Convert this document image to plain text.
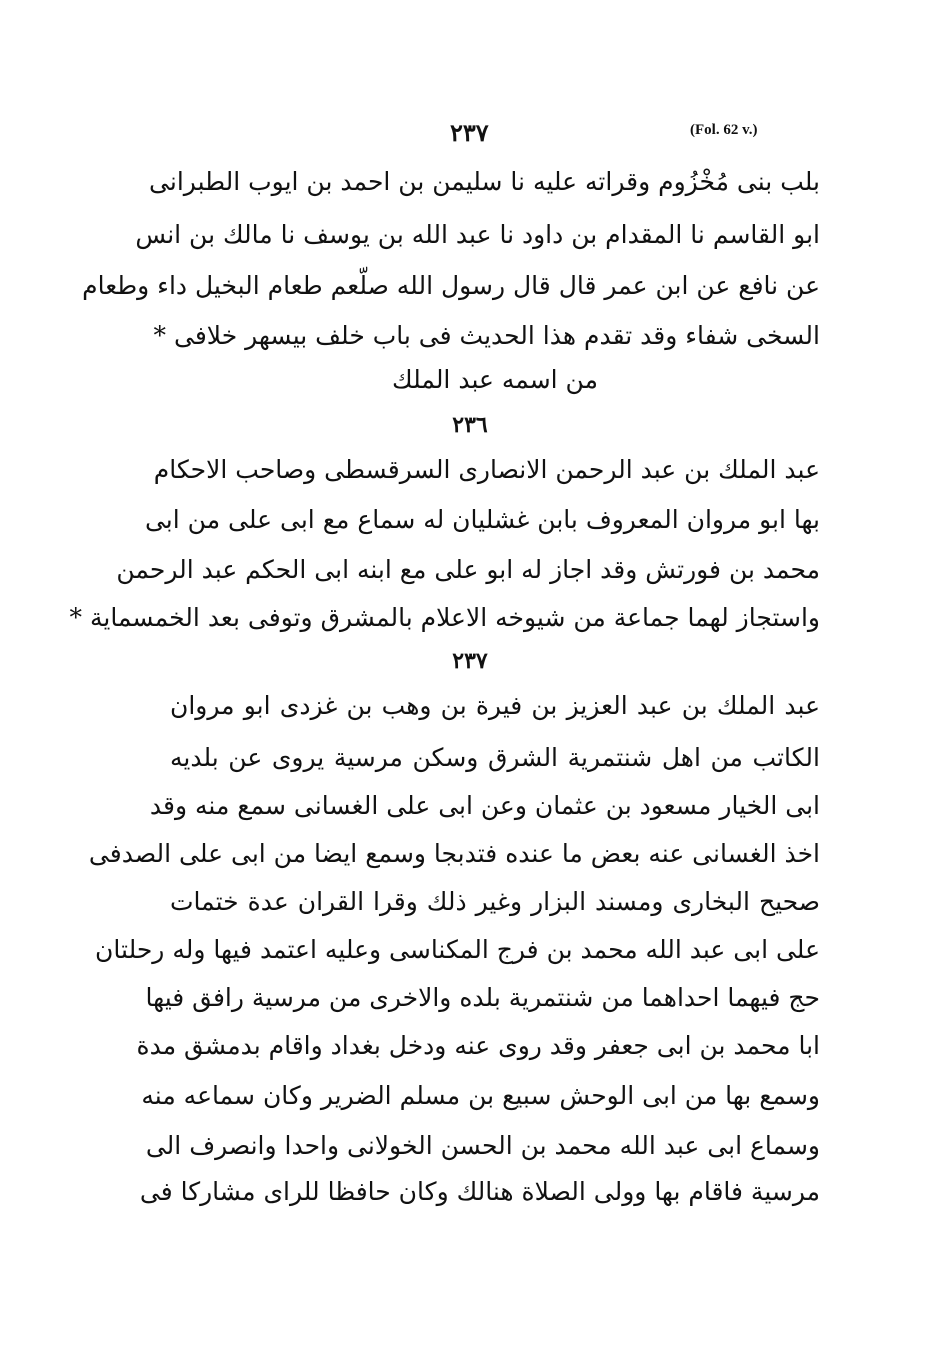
(Fol. 62 v.)
٢٣٧
بلب بنی مُخْزُوم وقراته علیه نا سلیمن بن احمد بن ایوب الطبرانی
ابو القاسم نا المقدام بن داود نا عبد الله بن یوسف نا مالك بن انس
عن نافع عن ابن عمر قال قال رسول الله صلّعم طعام البخیل داء وطعام
السخی شفاء وقد تقدم هذا الحدیث فی باب خلف بیسهر خلافی *
من اسمه عبد الملك
٢٣٦
عبد الملك بن عبد الرحمن الانصاری السرقسطی وصاحب الاحكام
بها ابو مروان المعروف بابن غشلیان له سماع مع ابی علی من ابی
محمد بن فورتش وقد اجاز له ابو علی مع ابنه ابی الحكم عبد الرحمن
واستجاز لهما جماعة من شیوخه الاعلام بالمشرق وتوفی بعد الخمسمایة *
٢٣٧
عبد الملك بن عبد العزیز بن فیرة بن وهب بن غزدی ابو مروان
الكاتب من اهل شنتمریة الشرق وسكن مرسیة یروی عن بلدیه
ابی الخیار مسعود بن عثمان وعن ابی علی الغسانی سمع منه وقد
اخذ الغسانی عنه بعض ما عنده فتدبجا وسمع ایضا من ابی علی الصدفی
صحیح البخاری ومسند البزار وغیر ذلك وقرا القران عدة ختمات
علی ابی عبد الله محمد بن فرج المكناسی وعلیه اعتمد فیها وله رحلتان
حج فیهما احداهما من شنتمریة بلده والاخری من مرسیة رافق فیها
ابا محمد بن ابی جعفر وقد روی عنه ودخل بغداد واقام بدمشق مدة
وسمع بها من ابی الوحش سبیع بن مسلم الضریر وكان سماعه منه
وسماع ابی عبد الله محمد بن الحسن الخولانی واحدا وانصرف الی
مرسیة فاقام بها وولی الصلاة هنالك وكان حافظا للرای مشاركا فی
